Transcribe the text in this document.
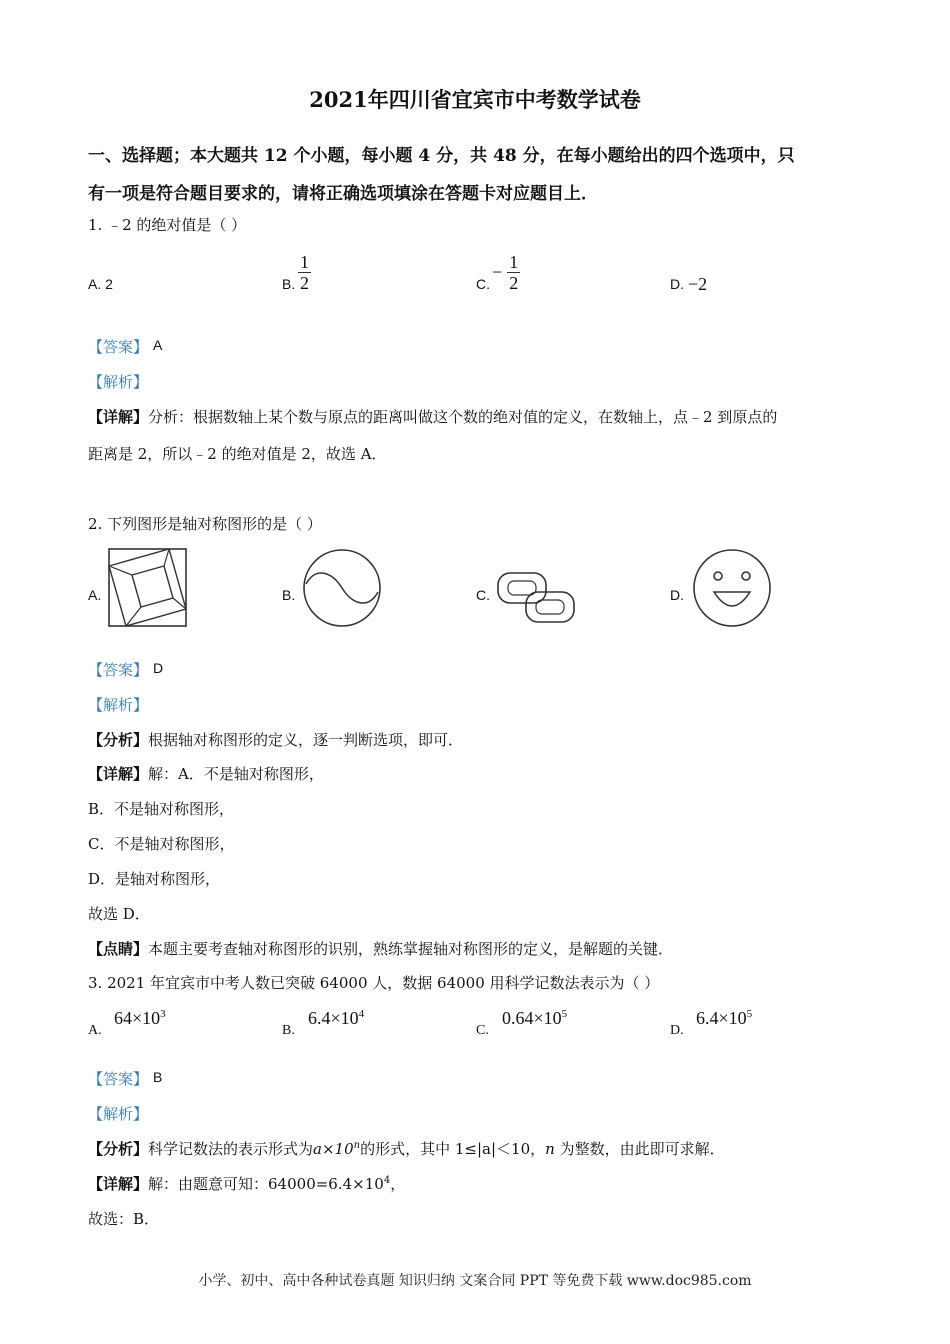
2021年四川省宜宾市中考数学试卷
一、选择题；本大题共 12 个小题，每小题 4 分，共 48 分，在每小题给出的四个选项中，只
有一项是符合题目要求的，请将正确选项填涂在答题卡对应题目上．
1. ﹣2 的绝对值是（ ）
A. 2	B. $\frac{1}{2}$	C.
− $\frac{1}{2}$	D. −2
【答案】 A
【解析】
【详解】分析：根据数轴上某个数与原点的距离叫做这个数的绝对值的定义，在数轴上，点﹣2 到原点的
距离是 2，所以﹣2 的绝对值是 2，故选 A．
2. 下列图形是轴对称图形的是（ ）
A.	B.	C.	D.
【答案】 D
【解析】
【分析】根据轴对称图形的定义，逐一判断选项，即可．
【详解】解：A．不是轴对称图形，
B．不是轴对称图形，
C．不是轴对称图形，
D．是轴对称图形，
故选 D．
【点睛】本题主要考查轴对称图形的识别，熟练掌握轴对称图形的定义，是解题的关键．
3. 2021 年宜宾市中考人数已突破 64000 人，数据 64000 用科学记数法表示为（ ）
A.
$64\times 10^3$
B.
$6.4\times 10^4$
C.
$0.64\times 10^5$
D.
$6.4\times 10^5$
【答案】 B
【解析】
【分析】科学记数法的表示形式为$a\times 10^n$的形式，其中 1≤|a|＜10，n 为整数，由此即可求解．
【详解】解：由题意可知：$64000=6.4\times 10^4$，
故选：B．
小学、初中、高中各种试卷真题 知识归纳 文案合同 PPT 等免费下载 www.doc985.com
